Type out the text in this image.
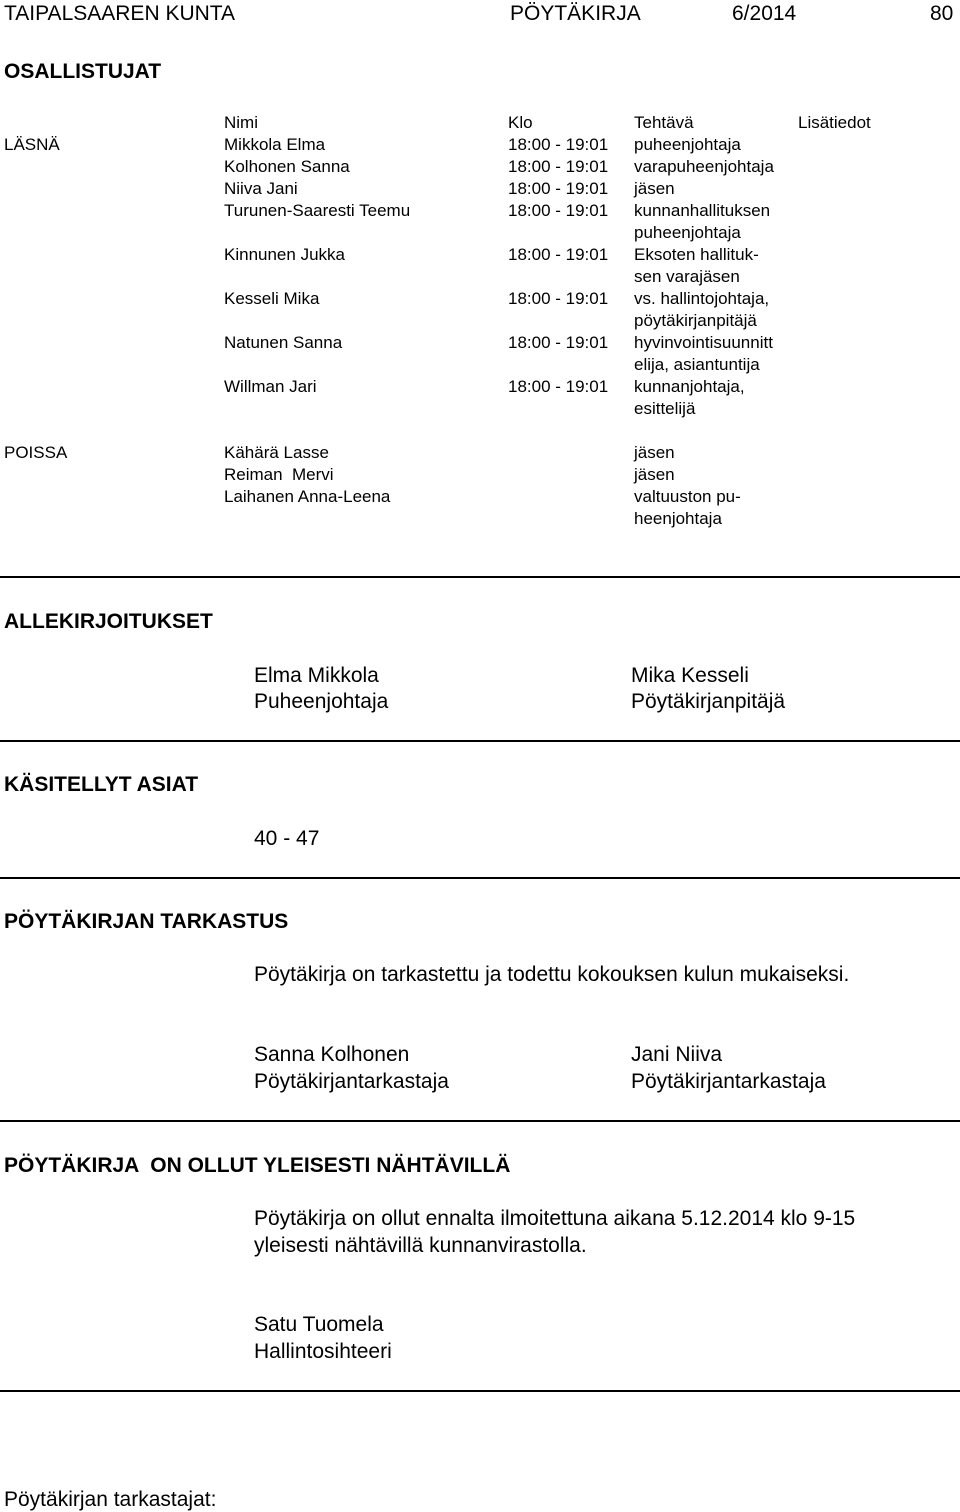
TAIPALSAAREN KUNTA	PÖYTÄKIRJA	6/2014	80
OSALLISTUJAT
Nimi	Klo	Tehtävä	Lisätiedot
LÄSNÄ	Mikkola Elma	18:00 - 19:01 puheenjohtaja
Kolhonen Sanna	18:00 - 19:01 varapuheenjohtaja
Niiva Jani	18:00 - 19:01 jäsen
Turunen-Saaresti Teemu	18:00 - 19:01 kunnanhallituksen
puheenjohtaja
Kinnunen Jukka	18:00 - 19:01 Eksoten hallituk-
sen varajäsen
Kesseli Mika	18:00 - 19:01 vs. hallintojohtaja,
pöytäkirjanpitäjä
Natunen Sanna	18:00 - 19:01 hyvinvointisuunnitt
elija, asiantuntija
Willman Jari	18:00 - 19:01 kunnanjohtaja,
esittelijä
POISSA	Kähärä Lasse	jäsen
Reiman  Mervi	jäsen
Laihanen Anna-Leena	valtuuston pu-
heenjohtaja
ALLEKIRJOITUKSET
Elma Mikkola
Puheenjohtaja
Mika Kesseli
Pöytäkirjanpitäjä
KÄSITELLYT ASIAT
40 - 47
PÖYTÄKIRJAN TARKASTUS
Pöytäkirja on tarkastettu ja todettu kokouksen kulun mukaiseksi.
Sanna Kolhonen
Pöytäkirjantarkastaja
Jani Niiva
Pöytäkirjantarkastaja
PÖYTÄKIRJA  ON OLLUT YLEISESTI NÄHTÄVILLÄ
Pöytäkirja on ollut ennalta ilmoitettuna aikana 5.12.2014 klo 9-15
yleisesti nähtävillä kunnanvirastolla.
Satu Tuomela
Hallintosihteeri
Pöytäkirjan tarkastajat:
